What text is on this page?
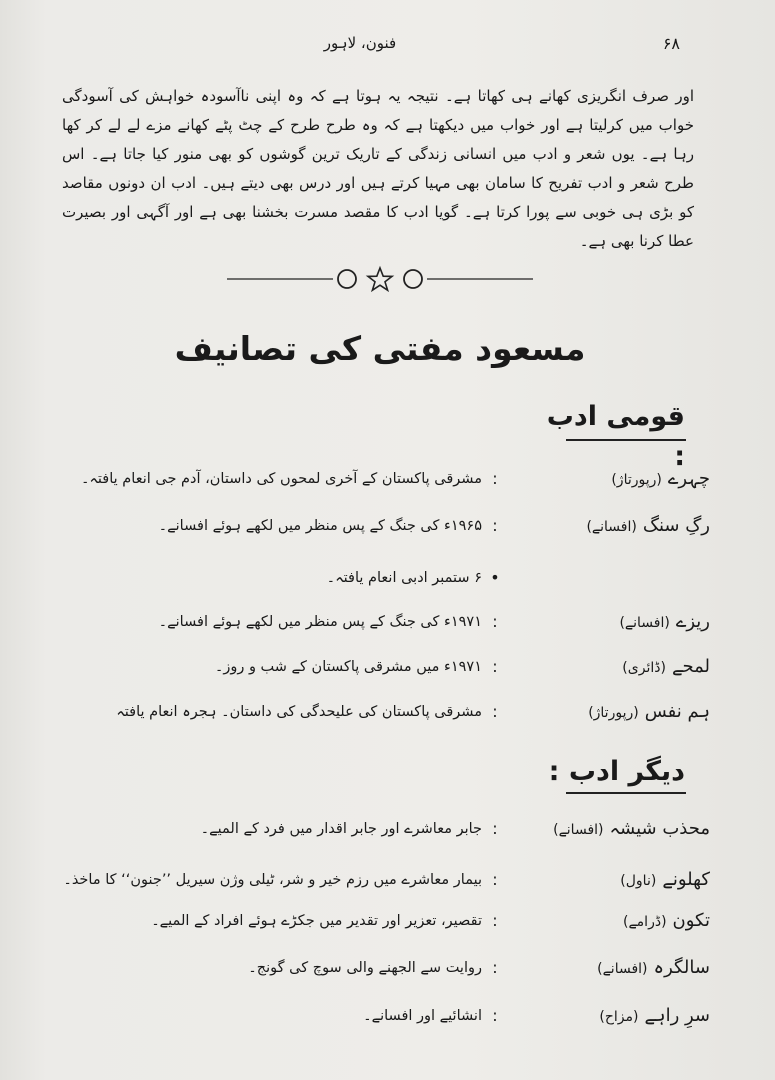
فنون، لاہور	۶۸
اور صرف انگریزی کھانے ہی کھاتا ہے۔ نتیجہ یہ ہوتا ہے کہ وہ اپنی ناآسودہ خواہش کی آسودگی خواب میں کرلیتا ہے اور خواب میں دیکھتا ہے کہ وہ طرح طرح کے چٹ پٹے کھانے مزے لے لے کر کھا رہا ہے۔ یوں شعر و ادب میں انسانی زندگی کے تاریک ترین گوشوں کو بھی منور کیا جاتا ہے۔ اس طرح شعر و ادب تفریح کا سامان بھی مہیا کرتے ہیں اور درس بھی دیتے ہیں۔ ادب ان دونوں مقاصد کو بڑی ہی خوبی سے پورا کرتا ہے۔ گویا ادب کا مقصد مسرت بخشنا بھی ہے اور آگہی اور بصیرت عطا کرنا بھی ہے۔
مسعود مفتی کی تصانیف
قومی ادب :
چہرے(رپورتاژ)
:
مشرقی پاکستان کے آخری لمحوں کی داستان، آدم جی انعام یافتہ۔
رگِ سنگ(افسانے)
:
۱۹۶۵ء کی جنگ کے پس منظر میں لکھے ہوئے افسانے۔
•
۶ ستمبر ادبی انعام یافتہ۔
ریزے(افسانے)
:
۱۹۷۱ء کی جنگ کے پس منظر میں لکھے ہوئے افسانے۔
لمحے(ڈائری)
:
۱۹۷۱ء میں مشرقی پاکستان کے شب و روز۔
ہم نفس(رپورتاژ)
:
مشرقی پاکستان کی علیحدگی کی داستان۔ ہجرہ انعام یافتہ
دیگر ادب :
محذب شیشہ(افسانے)
:
جابر معاشرے اور جابر اقدار میں فرد کے المیے۔
کھلونے(ناول)
:
بیمار معاشرے میں رزم خیر و شر، ٹیلی وژن سیریل ’’جنون‘‘ کا ماخذ۔
تکون(ڈرامے)
:
تقصیر، تعزیر اور تقدیر میں جکڑے ہوئے افراد کے المیے۔
سالگرہ(افسانے)
:
روایت سے الجھنے والی سوچ کی گونج۔
سرِ راہے(مزاح)
:
انشائیے اور افسانے۔
